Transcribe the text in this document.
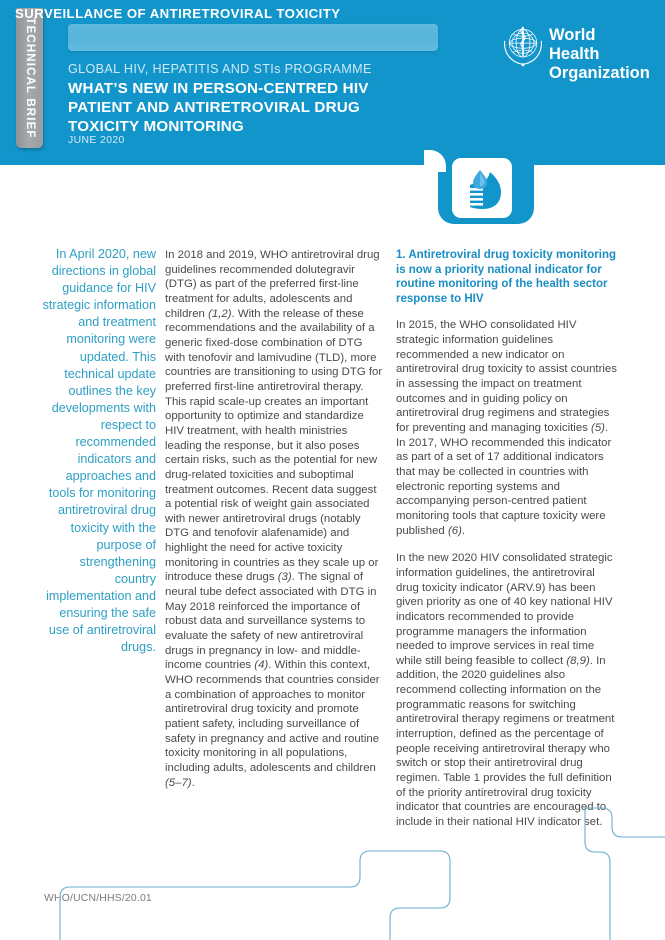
TECHNICAL BRIEF
SURVEILLANCE OF ANTIRETROVIRAL TOXICITY
GLOBAL HIV, HEPATITIS AND STIs PROGRAMME
WHAT’S NEW IN PERSON-CENTRED HIV PATIENT AND ANTIRETROVIRAL DRUG TOXICITY MONITORING
JUNE 2020
World Health
Organization
In April 2020, new directions in global guidance for HIV strategic information and treatment monitoring were updated. This technical update outlines the key developments with respect to recommended indicators and approaches and tools for monitoring antiretroviral drug toxicity with the purpose of strengthening country implementation and ensuring the safe use of antiretroviral drugs.

In 2018 and 2019, WHO antiretroviral drug guidelines recommended dolutegravir (DTG) as part of the preferred first-line treatment for adults, adolescents and children (1,2). With the release of these recommendations and the availability of a generic fixed-dose combination of DTG with tenofovir and lamivudine (TLD), more countries are transitioning to using DTG for preferred first-line antiretroviral therapy. This rapid scale-up creates an important opportunity to optimize and standardize HIV treatment, with health ministries leading the response, but it also poses certain risks, such as the potential for new drug-related toxicities and suboptimal treatment outcomes. Recent data suggest a potential risk of weight gain associated with newer antiretroviral drugs (notably DTG and tenofovir alafenamide) and highlight the need for active toxicity monitoring in countries as they scale up or introduce these drugs (3). The signal of neural tube defect associated with DTG in May 2018 reinforced the importance of robust data and surveillance systems to evaluate the safety of new antiretroviral drugs in pregnancy in low- and middle-income countries (4). Within this context, WHO recommends that countries consider a combination of approaches to monitor antiretroviral drug toxicity and promote patient safety, including surveillance of safety in pregnancy and active and routine toxicity monitoring in all populations, including adults, adolescents and children (5–7).

1. Antiretroviral drug toxicity monitoring is now a priority national indicator for routine monitoring of the health sector response to HIV

In 2015, the WHO consolidated HIV strategic information guidelines recommended a new indicator on antiretroviral drug toxicity to assist countries in assessing the impact on treatment outcomes and in guiding policy on antiretroviral drug regimens and strategies for preventing and managing toxicities (5). In 2017, WHO recommended this indicator as part of a set of 17 additional indicators that may be collected in countries with electronic reporting systems and accompanying person-centred patient monitoring tools that capture toxicity were published (6).

In the new 2020 HIV consolidated strategic information guidelines, the antiretroviral drug toxicity indicator (ARV.9) has been given priority as one of 40 key national HIV indicators recommended to provide programme managers the information needed to improve services in real time while still being feasible to collect (8,9). In addition, the 2020 guidelines also recommend collecting information on the programmatic reasons for switching antiretroviral therapy regimens or treatment interruption, defined as the percentage of people receiving antiretroviral therapy who switch or stop their antiretroviral drug regimen. Table 1 provides the full definition of the priority antiretroviral drug toxicity indicator that countries are encouraged to include in their national HIV indicator set.

WHO/UCN/HHS/20.01
